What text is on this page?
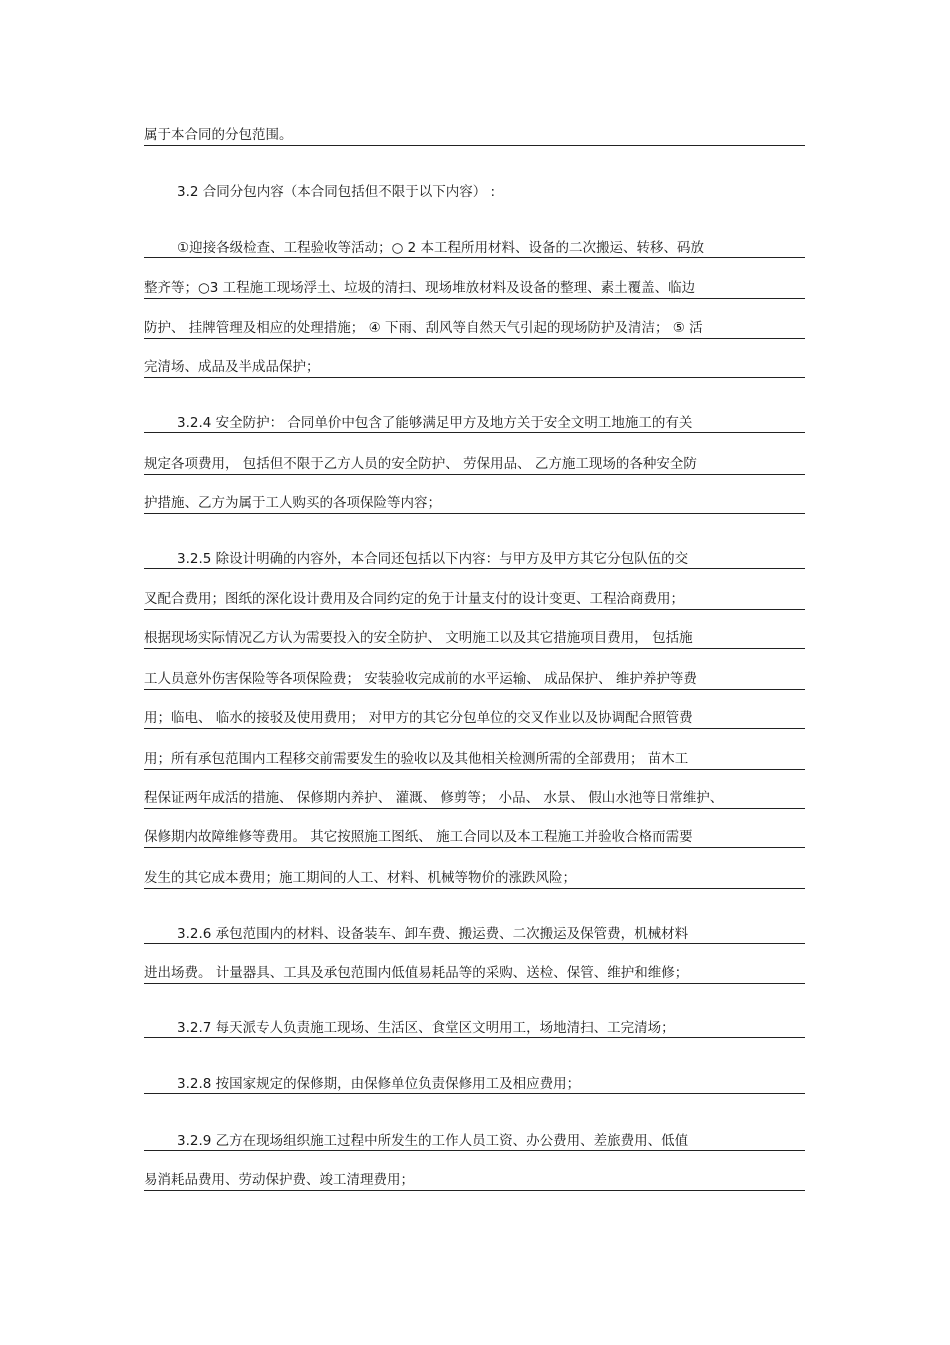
属于本合同的分包范围。
3.2 合同分包内容（本合同包括但不限于以下内容） :
①迎接各级检查、工程验收等活动；○ 2 本工程所用材料、设备的二次搬运、转移、码放
整齐等；○3 工程施工现场浮土、垃圾的清扫、现场堆放材料及设备的整理、素土覆盖、临边
防护、 挂牌管理及相应的处理措施； ④ 下雨、刮风等自然天气引起的现场防护及清洁； ⑤ 活
完清场、成品及半成品保护；
3.2.4 安全防护： 合同单价中包含了能够满足甲方及地方关于安全文明工地施工的有关
规定各项费用， 包括但不限于乙方人员的安全防护、 劳保用品、 乙方施工现场的各种安全防
护措施、乙方为属于工人购买的各项保险等内容；
3.2.5 除设计明确的内容外，本合同还包括以下内容：与甲方及甲方其它分包队伍的交
叉配合费用；图纸的深化设计费用及合同约定的免于计量支付的设计变更、工程洽商费用；
根据现场实际情况乙方认为需要投入的安全防护、 文明施工以及其它措施项目费用， 包括施
工人员意外伤害保险等各项保险费； 安装验收完成前的水平运输、 成品保护、 维护养护等费
用；临电、 临水的接驳及使用费用； 对甲方的其它分包单位的交叉作业以及协调配合照管费
用；所有承包范围内工程移交前需要发生的验收以及其他相关检测所需的全部费用； 苗木工
程保证两年成活的措施、 保修期内养护、 灌溉、 修剪等； 小品、 水景、 假山水池等日常维护、
保修期内故障维修等费用。 其它按照施工图纸、 施工合同以及本工程施工并验收合格而需要
发生的其它成本费用；施工期间的人工、材料、机械等物价的涨跌风险；
3.2.6 承包范围内的材料、设备装车、卸车费、搬运费、二次搬运及保管费，机械材料
进出场费。 计量器具、工具及承包范围内低值易耗品等的采购、送检、保管、维护和维修；
3.2.7 每天派专人负责施工现场、生活区、食堂区文明用工，场地清扫、工完清场；
3.2.8 按国家规定的保修期，由保修单位负责保修用工及相应费用；
3.2.9 乙方在现场组织施工过程中所发生的工作人员工资、办公费用、差旅费用、低值
易消耗品费用、劳动保护费、竣工清理费用；
